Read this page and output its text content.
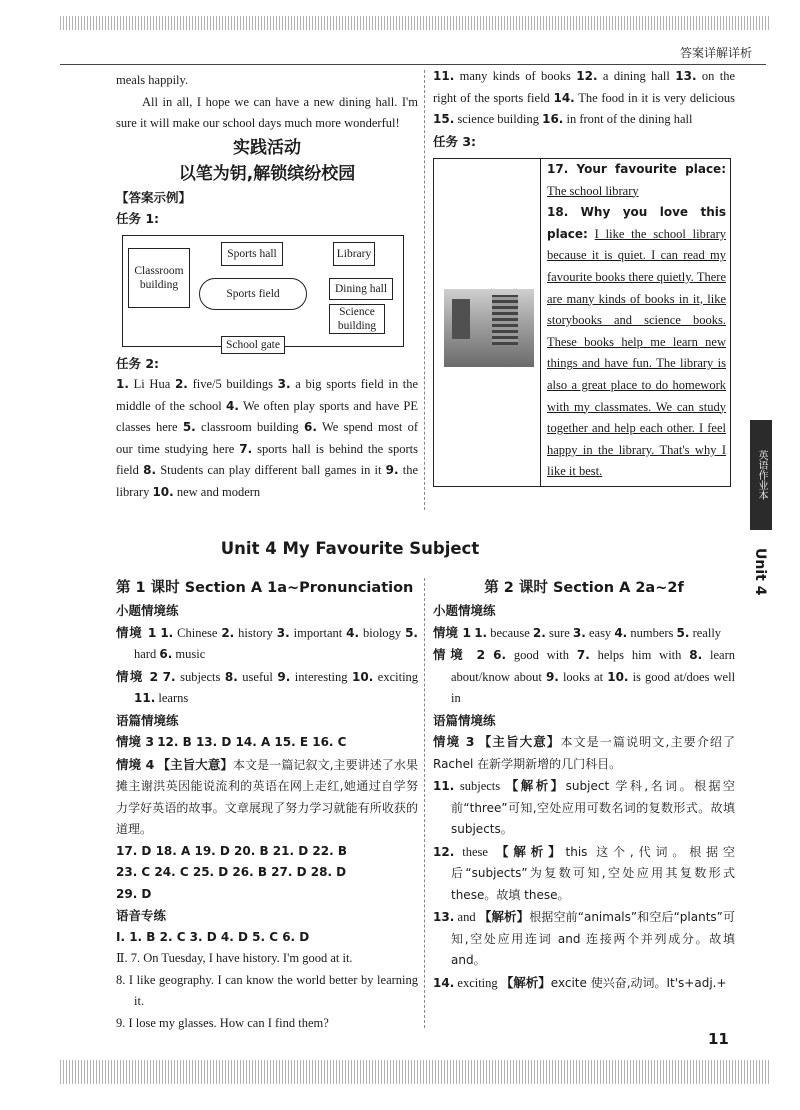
答案详解详析

meals happily.

All in all, I hope we can have a new dining hall. I'm sure it will make our school days much more wonderful!

实践活动
以笔为钥,解锁缤纷校园

【答案示例】

任务 1:

Classroom building
Sports hall
Sports field
Library
Dining hall
Science building
School gate

任务 2:

1. Li Hua 2. five/5 buildings 3. a big sports field in the middle of the school 4. We often play sports and have PE classes here 5. classroom building 6. We spend most of our time studying here 7. sports hall is behind the sports field 8. Students can play different ball games in it 9. the library 10. new and modern

11. many kinds of books 12. a dining hall 13. on the right of the sports field 14. The food in it is very delicious 15. science building 16. in front of the dining hall

任务 3:

17. Your favourite place: The school library

18. Why you love this place: I like the school library because it is quiet. I can read my favourite books there quietly. There are many kinds of books in it, like storybooks and science books. These books help me learn new things and have fun. The library is also a great place to do homework with my classmates. We can study together and help each other. I feel happy in the library. That's why I like it best.	英语作业本
Unit 4
Unit 4 My Favourite Subject
第 1 课时 Section A 1a~Pronunciation

小题情境练

情境 1 1. Chinese 2. history 3. important 4. biology 5. hard 6. music

情境 2 7. subjects 8. useful 9. interesting 10. exciting 11. learns

语篇情境练

情境 3 12. B 13. D 14. A 15. E 16. C

情境 4 【主旨大意】本文是一篇记叙文,主要讲述了水果摊主谢洪英因能说流利的英语在网上走红,她通过自学努力学好英语的故事。文章展现了努力学习就能有所收获的道理。

17. D 18. A 19. D 20. B 21. D 22. B

23. C 24. C 25. D 26. B 27. D 28. D

29. D

语音专练

Ⅰ. 1. B 2. C 3. D 4. D 5. C 6. D

Ⅱ. 7. On Tuesday, I have history. I'm good at it.

8. I like geography. I can know the world better by learning it.

9. I lose my glasses. How can I find them?

第 2 课时 Section A 2a~2f

小题情境练

情境 1 1. because 2. sure 3. easy 4. numbers 5. really

情境 2 6. good with 7. helps him with 8. learn about/know about 9. looks at 10. is good at/does well in

语篇情境练

情境 3 【主旨大意】本文是一篇说明文,主要介绍了 Rachel 在新学期新增的几门科目。

11. subjects 【解析】subject 学科,名词。根据空前“three”可知,空处应用可数名词的复数形式。故填 subjects。

12. these 【解析】this 这个,代词。根据空后“subjects”为复数可知,空处应用其复数形式 these。故填 these。

13. and 【解析】根据空前“animals”和空后“plants”可知,空处应用连词 and 连接两个并列成分。故填 and。

14. exciting 【解析】excite 使兴奋,动词。It's+adj.+

11
